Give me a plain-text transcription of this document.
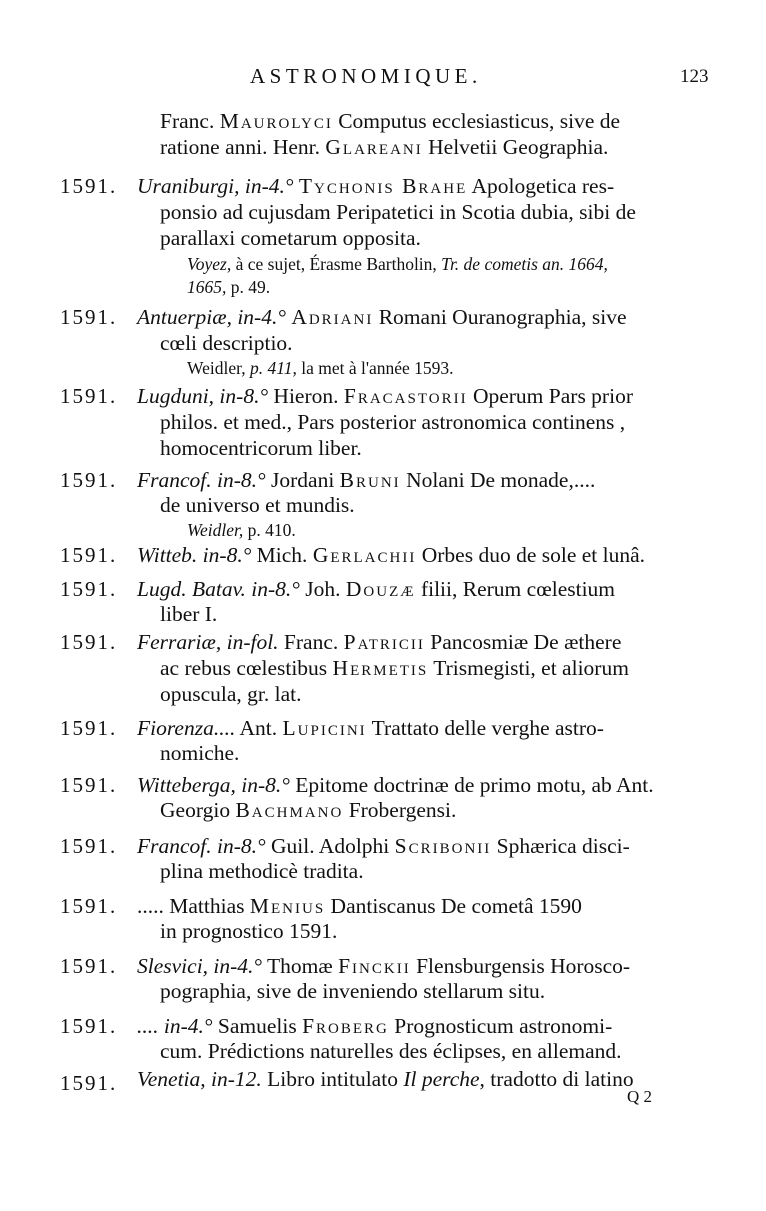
ASTRONOMIQUE.	123
Franc. Maurolyci Computus ecclesiasticus, sive de
ratione anni. Henr. Glareani Helvetii Geographia.
1591. Uraniburgi, in-4.° Tychonis Brahe Apologetica res-
ponsio ad cujusdam Peripatetici in Scotia dubia, sibi de
parallaxi cometarum opposita.
Voyez, à ce sujet, Érasme Bartholin, Tr. de cometis an. 1664,
1665, p. 49.
1591. Antuerpiæ, in-4.° Adriani Romani Ouranographia, sive
cœli descriptio.
Weidler, p. 411, la met à l'année 1593.
1591. Lugduni, in-8.° Hieron. Fracastorii Operum Pars prior
philos. et med., Pars posterior astronomica continens ,
homocentricorum liber.
1591. Francof. in-8.° Jordani Bruni Nolani De monade,....
de universo et mundis.
Weidler, p. 410.
1591. Witteb. in-8.° Mich. Gerlachii Orbes duo de sole et lunâ.
1591. Lugd. Batav. in-8.° Joh. Douzæ filii, Rerum cœlestium
liber I.
1591. Ferrariæ, in-fol. Franc. Patricii Pancosmiæ De æthere
ac rebus cœlestibus Hermetis Trismegisti, et aliorum
opuscula, gr. lat.
1591. Fiorenza.... Ant. Lupicini Trattato delle verghe astro-
nomiche.
1591. Witteberga, in-8.° Epitome doctrinæ de primo motu, ab Ant.
Georgio Bachmano Frobergensi.
1591. Francof. in-8.° Guil. Adolphi Scribonii Sphærica disci-
plina methodicè tradita.
1591. ..... Matthias Menius Dantiscanus De cometâ 1590
in prognostico 1591.
1591. Slesvici, in-4.° Thomæ Finckii Flensburgensis Horosco-
pographia, sive de inveniendo stellarum situ.
1591. .... in-4.° Samuelis Froberg Prognosticum astronomi-
cum. Prédictions naturelles des éclipses, en allemand.
1591. Venetia, in-12. Libro intitulato Il perche, tradotto di latino
Q 2
